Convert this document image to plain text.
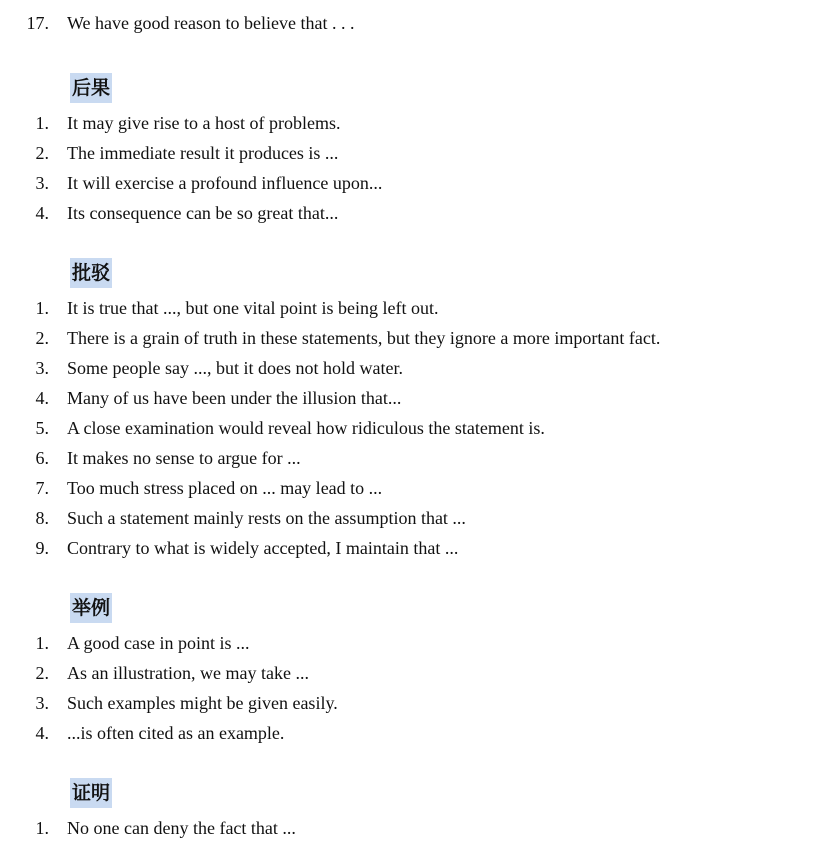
17. We have good reason to believe that . . .
后果
1. It may give rise to a host of problems.
2. The immediate result it produces is ...
3. It will exercise a profound influence upon...
4. Its consequence can be so great that...
批驳
1. It is true that ..., but one vital point is being left out.
2. There is a grain of truth in these statements, but they ignore a more important fact.
3. Some people say ..., but it does not hold water.
4. Many of us have been under the illusion that...
5. A close examination would reveal how ridiculous the statement is.
6. It makes no sense to argue for ...
7. Too much stress placed on ... may lead to ...
8. Such a statement mainly rests on the assumption that ...
9. Contrary to what is widely accepted, I maintain that ...
举例
1. A good case in point is ...
2. As an illustration, we may take ...
3. Such examples might be given easily.
4. ...is often cited as an example.
证明
1. No one can deny the fact that ...
